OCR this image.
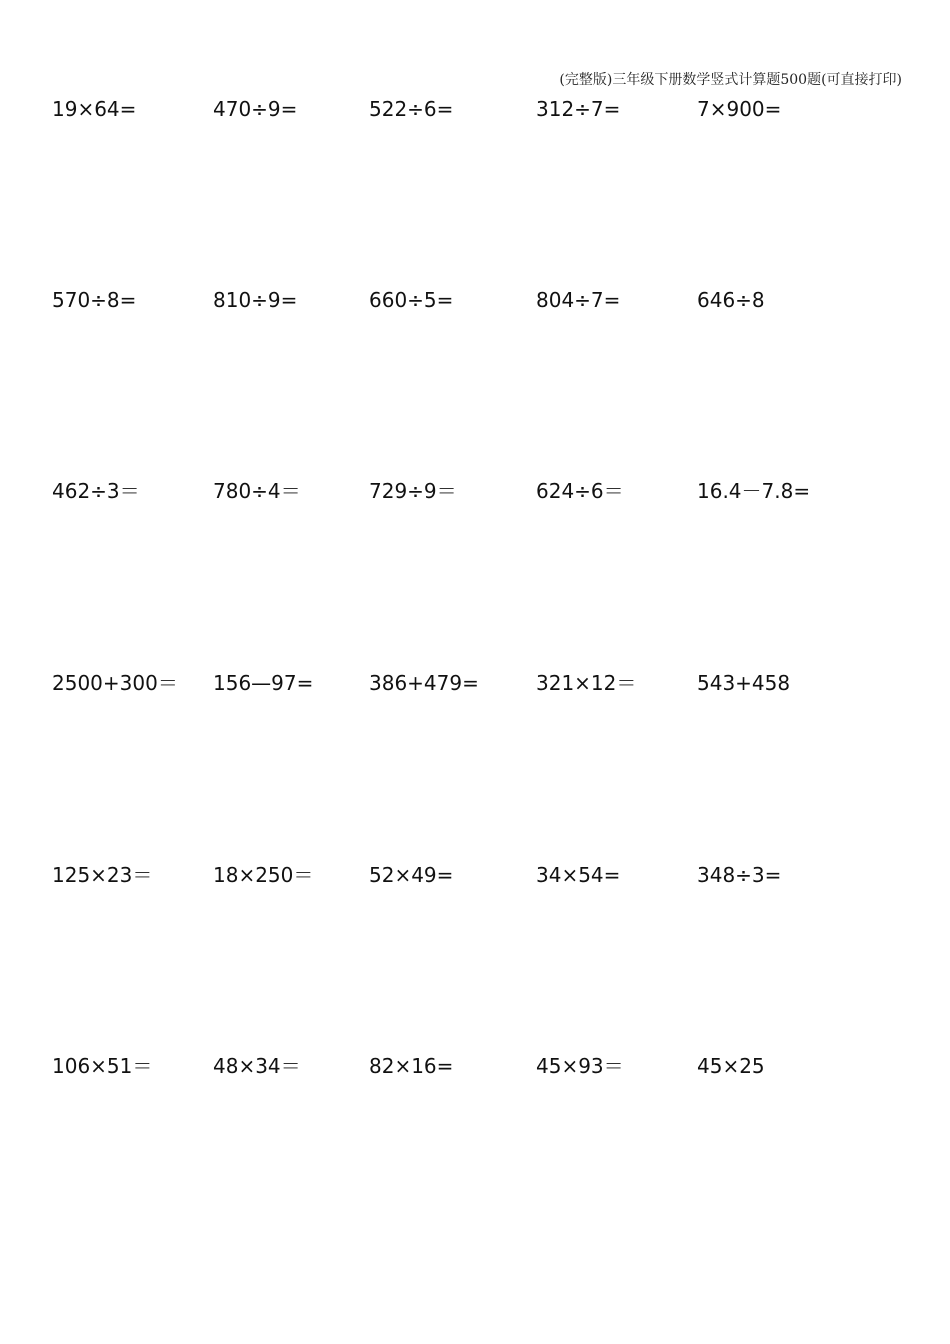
(完整版)三年级下册数学竖式计算题500题(可直接打印)
19×64=	470÷9=	522÷6=	312÷7=	7×900=
570÷8=	810÷9=	660÷5=	804÷7=	646÷8
462÷3＝	780÷4＝	729÷9＝	624÷6＝	16.4－7.8=
2500+300＝ 156—97=	386+479=	321×12＝	543+458
125×23＝	18×250＝	52×49=	34×54=	348÷3=
106×51＝	48×34＝	82×16=	45×93＝	45×25
